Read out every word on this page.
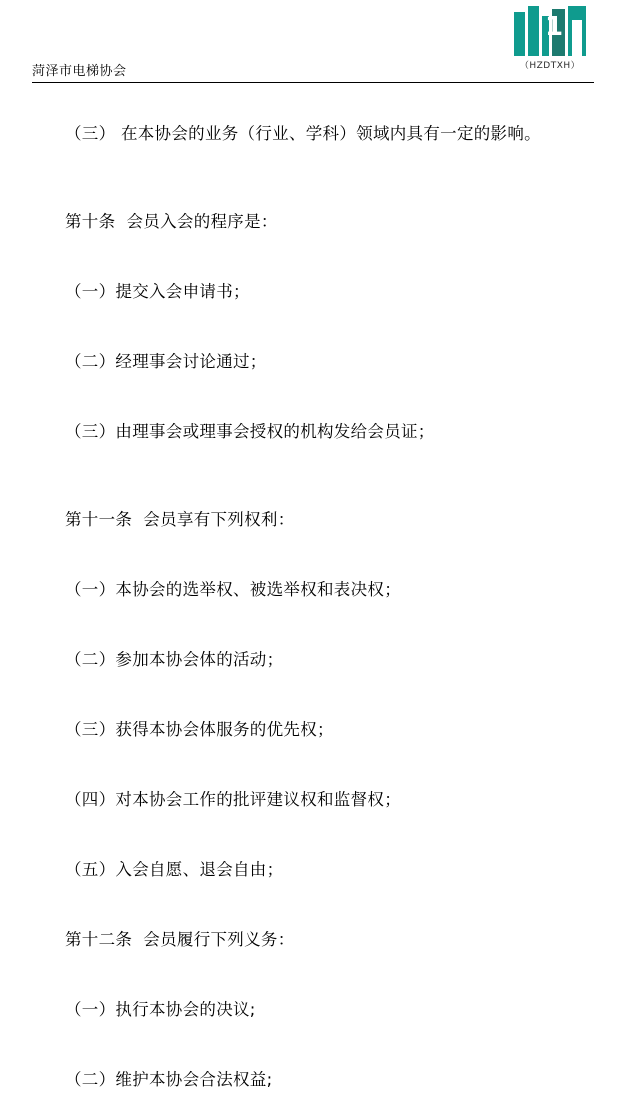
菏泽市电梯协会
1
（HZDTXH）

（三） 在本协会的业务（行业、学科）领域内具有一定的影响。

第十条  会员入会的程序是：

（一）提交入会申请书；

（二）经理事会讨论通过；

（三）由理事会或理事会授权的机构发给会员证；

第十一条  会员享有下列权利：

（一）本协会的选举权、被选举权和表决权；

（二）参加本协会体的活动；

（三）获得本协会体服务的优先权；

（四）对本协会工作的批评建议权和监督权；

（五）入会自愿、退会自由；

第十二条  会员履行下列义务：

（一）执行本协会的决议;

（二）维护本协会合法权益;
